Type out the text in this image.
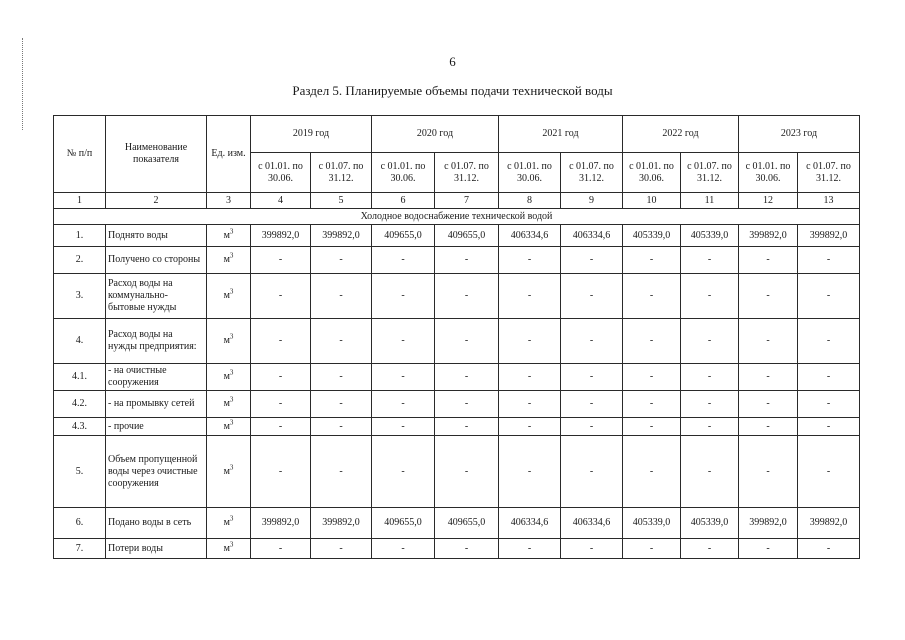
6
Раздел 5. Планируемые объемы подачи технической воды
№ п/п	Наименование показателя	Ед. изм.	2019 год		2020 год		2021 год		2022 год		2023 год	
			с 01.01. по 30.06.	с 01.07. по 31.12.	с 01.01. по 30.06.	с 01.07. по 31.12.	с 01.01. по 30.06.	с 01.07. по 31.12.	с 01.01. по 30.06.	с 01.07. по 31.12.	с 01.01. по 30.06.	с 01.07. по 31.12.
1	2	3	4	5	6	7	8	9	10	11	12	13
Холодное водоснабжение технической водой												
1.	Поднято воды	$м^3$	399892,0	399892,0	409655,0	409655,0	406334,6	406334,6	405339,0	405339,0	399892,0	399892,0
2.	Получено со стороны	$м^3$	-	-	-	-	-	-	-	-	-	-
3.	Расход воды на коммунально-бытовые нужды	$м^3$	-	-	-	-	-	-	-	-	-	-
4.	Расход воды на нужды предприятия:	$м^3$	-	-	-	-	-	-	-	-	-	-
4.1.	- на очистные сооружения	$м^3$	-	-	-	-	-	-	-	-	-	-
4.2.	- на промывку сетей	$м^3$	-	-	-	-	-	-	-	-	-	-
4.3.	- прочие	$м^3$	-	-	-	-	-	-	-	-	-	-
5.	Объем пропущенной воды через очистные сооружения	$м^3$	-	-	-	-	-	-	-	-	-	-
6.	Подано воды в сеть	$м^3$	399892,0	399892,0	409655,0	409655,0	406334,6	406334,6	405339,0	405339,0	399892,0	399892,0
7.	Потери воды	$м^3$	-	-	-	-	-	-	-	-	-	-
